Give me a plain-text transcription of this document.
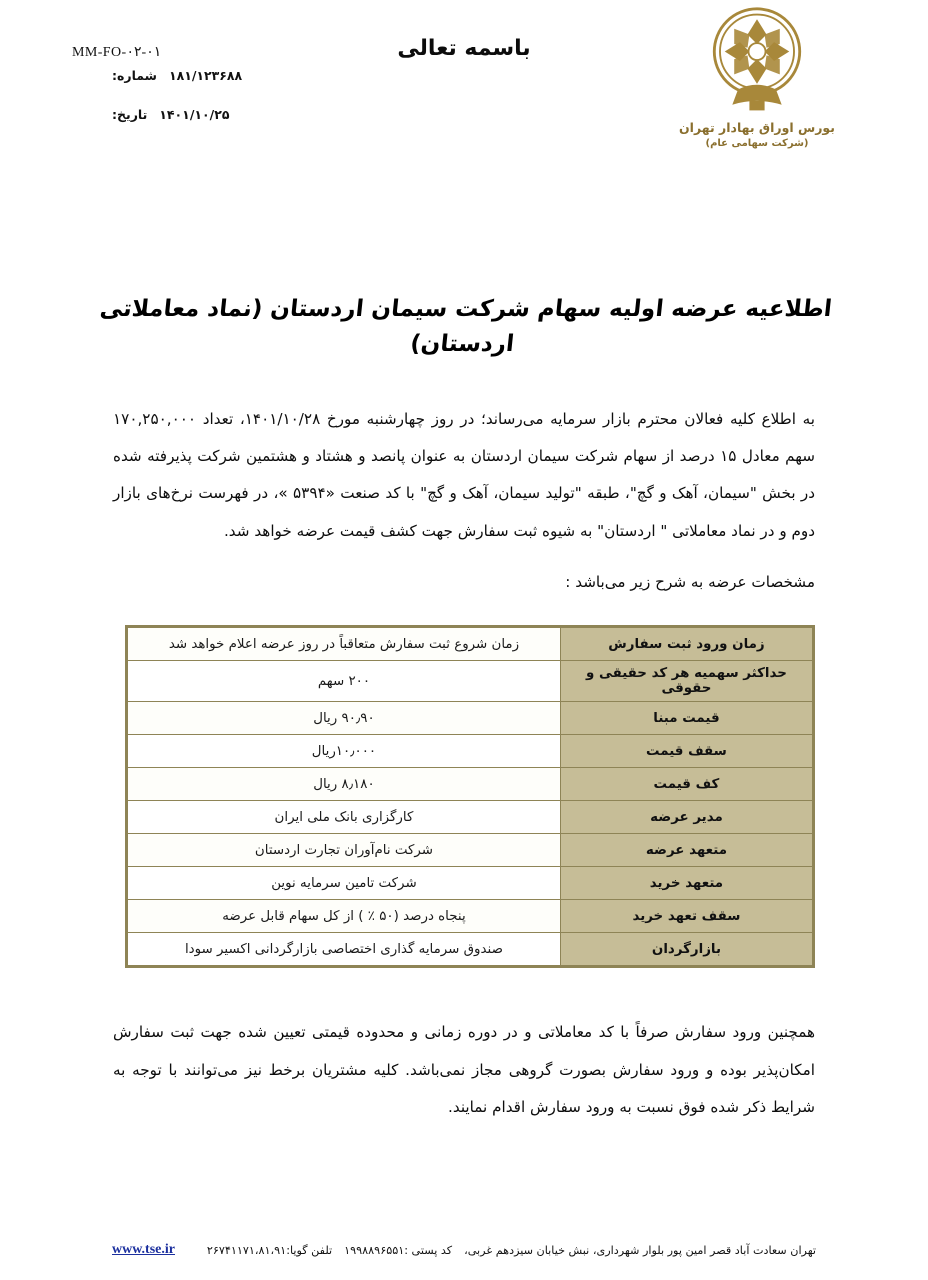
MM-FO-۰۲-۰۱
۱۸۱/۱۲۳۶۸۸شماره:
۱۴۰۱/۱۰/۲۵تاریخ:
باسمه تعالی
بورس اوراق بهادار تهران
(شرکت سهامی عام)
اطلاعیه عرضه اولیه سهام شرکت سیمان اردستان (نماد معاملاتی اردستان)

به اطلاع کلیه فعالان محترم بازار سرمایه می‌رساند؛ در روز چهارشنبه مورخ ۱۴۰۱/۱۰/۲۸، تعداد ۱۷۰,۲۵۰,۰۰۰ سهم معادل ۱۵ درصد از سهام شرکت سیمان اردستان به عنوان پانصد و هشتاد و هشتمین شرکت پذیرفته شده در بخش "سیمان، آهک و گچ"، طبقه "تولید سیمان، آهک و گچ" با کد صنعت «۵۳۹۴ »، در فهرست نرخ‌های بازار دوم و در نماد معاملاتی " اردستان" به شیوه ثبت سفارش جهت کشف قیمت عرضه خواهد شد.

مشخصات عرضه به شرح زیر می‌باشد :

زمان ورود ثبت سفارش	زمان شروع ثبت سفارش متعاقباً در روز عرضه اعلام خواهد شد
حداکثر سهمیه هر کد حقیقی و حقوقی	۲۰۰ سهم
قیمت مبنا	۹۰٫۹۰ ریال
سقف قیمت	۱۰٫۰۰۰ریال
کف قیمت	۸٫۱۸۰ ریال
مدیر عرضه	کارگزاری بانک ملی ایران
متعهد عرضه	شرکت نام‌آوران تجارت اردستان
متعهد خرید	شرکت تامین سرمایه نوین
سقف تعهد خرید	پنجاه درصد (۵۰ ٪ ) از کل سهام قابل عرضه
بازارگردان	صندوق سرمایه گذاری اختصاصی بازارگردانی اکسیر سودا

همچنین ورود سفارش صرفاً با کد معاملاتی و در دوره زمانی و محدوده قیمتی تعیین شده جهت ثبت سفارش امکان‌پذیر بوده و ورود سفارش بصورت گروهی مجاز نمی‌باشد. کلیه مشتریان برخط نیز می‌توانند با توجه به شرایط ذکر شده فوق نسبت به ورود سفارش اقدام نمایند.

تهران سعادت آباد قصر امین پور بلوار شهرداری، نبش خیابان سیزدهم غربی،کد پستی :۱۹۹۸۸۹۶۵۵۱تلفن گویا:۲۶۷۴۱۱۷۱،۸۱،۹۱
www.tse.ir
